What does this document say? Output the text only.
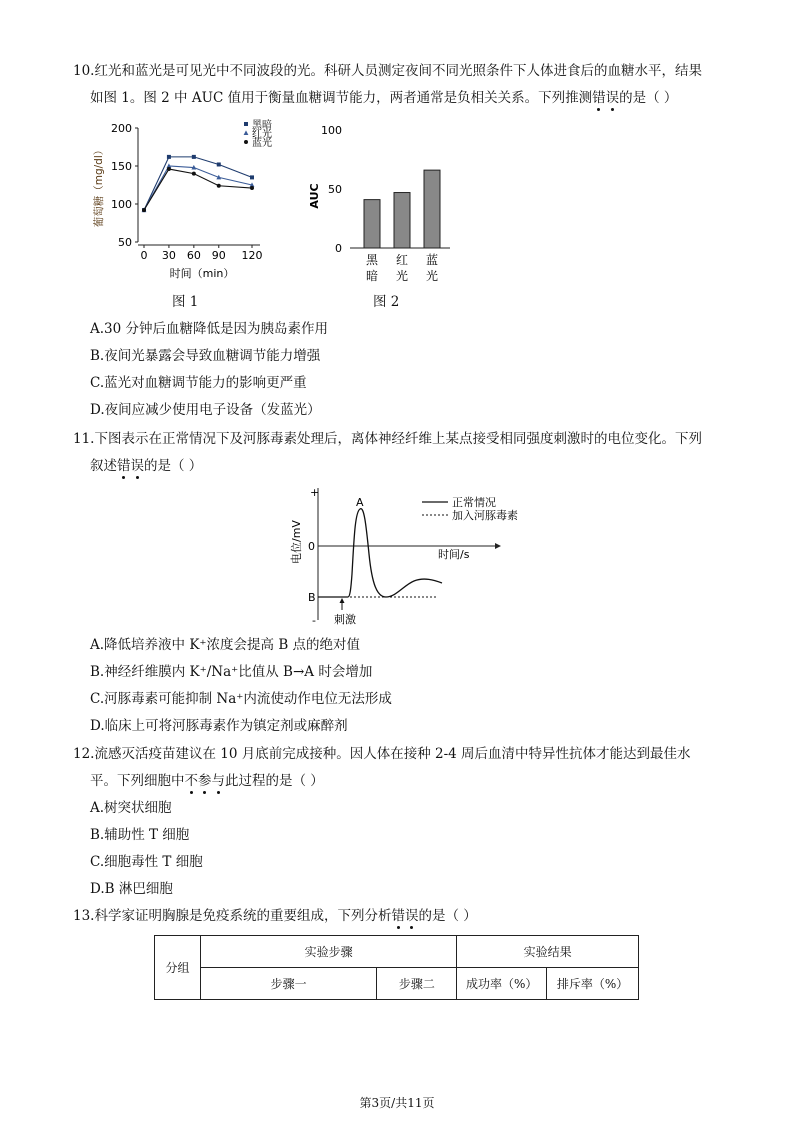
10.红光和蓝光是可见光中不同波段的光。科研人员测定夜间不同光照条件下人体进食后的血糖水平，结果
如图 1。图 2 中 AUC 值用于衡量血糖调节能力，两者通常是负相关关系。下列推测错误的是（ ）
50
100
150
200
0 30 60 90 120
时间（min）
葡萄糖（mg/dl）
黑暗
红光
蓝光
图 1
0
50
100
AUC
黑
暗
红
光
蓝
光
图 2
A.30 分钟后血糖降低是因为胰岛素作用
B.夜间光暴露会导致血糖调节能力增强
C.蓝光对血糖调节能力的影响更严重
D.夜间应减少使用电子设备（发蓝光）
11.下图表示在正常情况下及河豚毒素处理后，离体神经纤维上某点接受相同强度刺激时的电位变化。下列
叙述错误的是（ ）
+
-
0
B
A
电位/mV	时间/s
刺激
正常情况
加入河豚毒素
A.降低培养液中 K⁺浓度会提高 B 点的绝对值
B.神经纤维膜内 K⁺/Na⁺比值从 B→A 时会增加
C.河豚毒素可能抑制 Na⁺内流使动作电位无法形成
D.临床上可将河豚毒素作为镇定剂或麻醉剂
12.流感灭活疫苗建议在 10 月底前完成接种。因人体在接种 2-4 周后血清中特异性抗体才能达到最佳水
平。下列细胞中不参与此过程的是（ ）
A.树突状细胞
B.辅助性 T 细胞
C.细胞毒性 T 细胞
D.B 淋巴细胞
13.科学家证明胸腺是免疫系统的重要组成，下列分析错误的是（ ）
分组	实验步骤		实验结果	
	步骤一	步骤二	成功率（%）	排斥率（%）
第3页/共11页
